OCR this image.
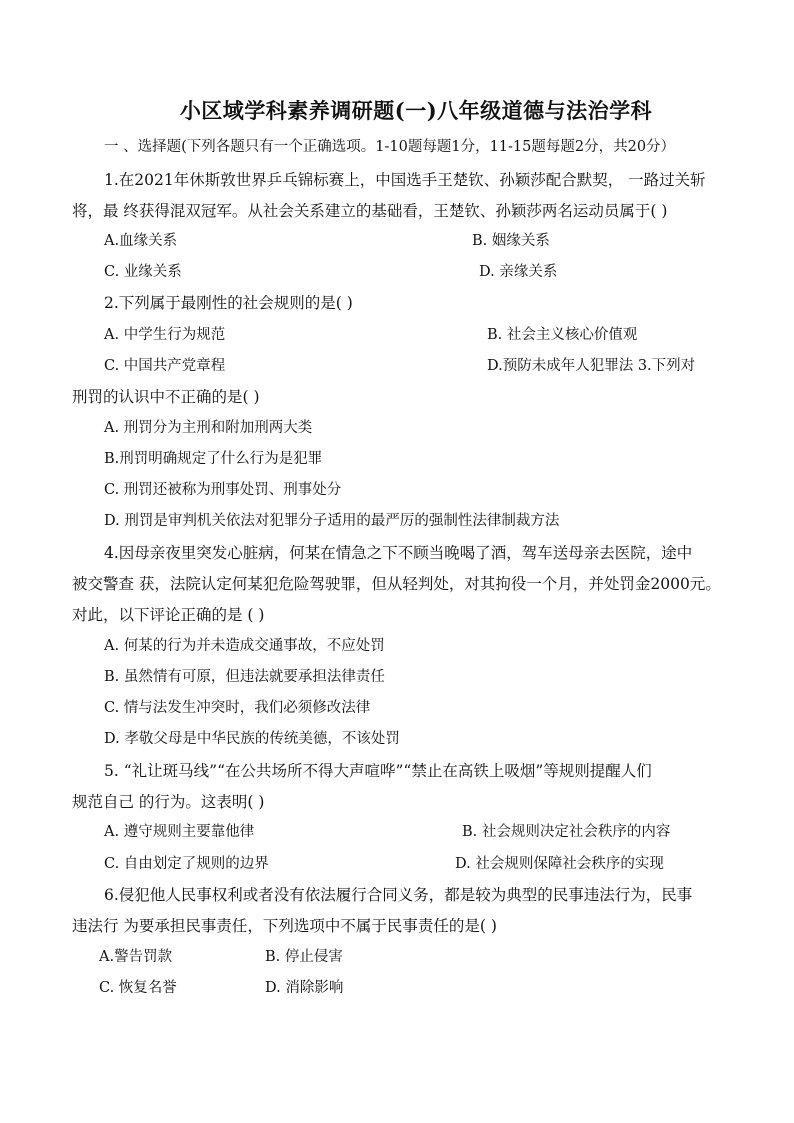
小区域学科素养调研题(一)八年级道德与法治学科
一 、选择题(下列各题只有一个正确选项。1-10题每题1分，11-15题每题2分，共20分）
1.在2021年休斯敦世界乒乓锦标赛上，中国选手王楚钦、孙颖莎配合默契， 一路过关斩
将，最 终获得混双冠军。从社会关系建立的基础看，王楚钦、孙颖莎两名运动员属于( )
A.血缘关系	B. 姻缘关系
C. 业缘关系	D. 亲缘关系
2.下列属于最刚性的社会规则的是( )
A. 中学生行为规范	B. 社会主义核心价值观
C. 中国共产党章程	D.预防未成年人犯罪法 3.下列对
刑罚的认识中不正确的是( )
A. 刑罚分为主刑和附加刑两大类
B.刑罚明确规定了什么行为是犯罪
C. 刑罚还被称为刑事处罚、刑事处分
D. 刑罚是审判机关依法对犯罪分子适用的最严厉的强制性法律制裁方法
4.因母亲夜里突发心脏病，何某在情急之下不顾当晚喝了酒，驾车送母亲去医院，途中
被交警查 获，法院认定何某犯危险驾驶罪，但从轻判处，对其拘役一个月，并处罚金2000元。
对此，以下评论正确的是 ( )
A. 何某的行为并未造成交通事故，不应处罚
B. 虽然情有可原，但违法就要承担法律责任
C. 情与法发生冲突时，我们必须修改法律
D. 孝敬父母是中华民族的传统美德，不该处罚
5. “礼让斑马线”“在公共场所不得大声喧哗”“禁止在高铁上吸烟”等规则提醒人们
规范自己 的行为。这表明( )
A. 遵守规则主要靠他律	B. 社会规则决定社会秩序的内容
C. 自由划定了规则的边界	D. 社会规则保障社会秩序的实现
6.侵犯他人民事权利或者没有依法履行合同义务，都是较为典型的民事违法行为，民事
违法行 为要承担民事责任，下列选项中不属于民事责任的是( )
A.警告罚款	B. 停止侵害
C. 恢复名誉	D. 消除影响
